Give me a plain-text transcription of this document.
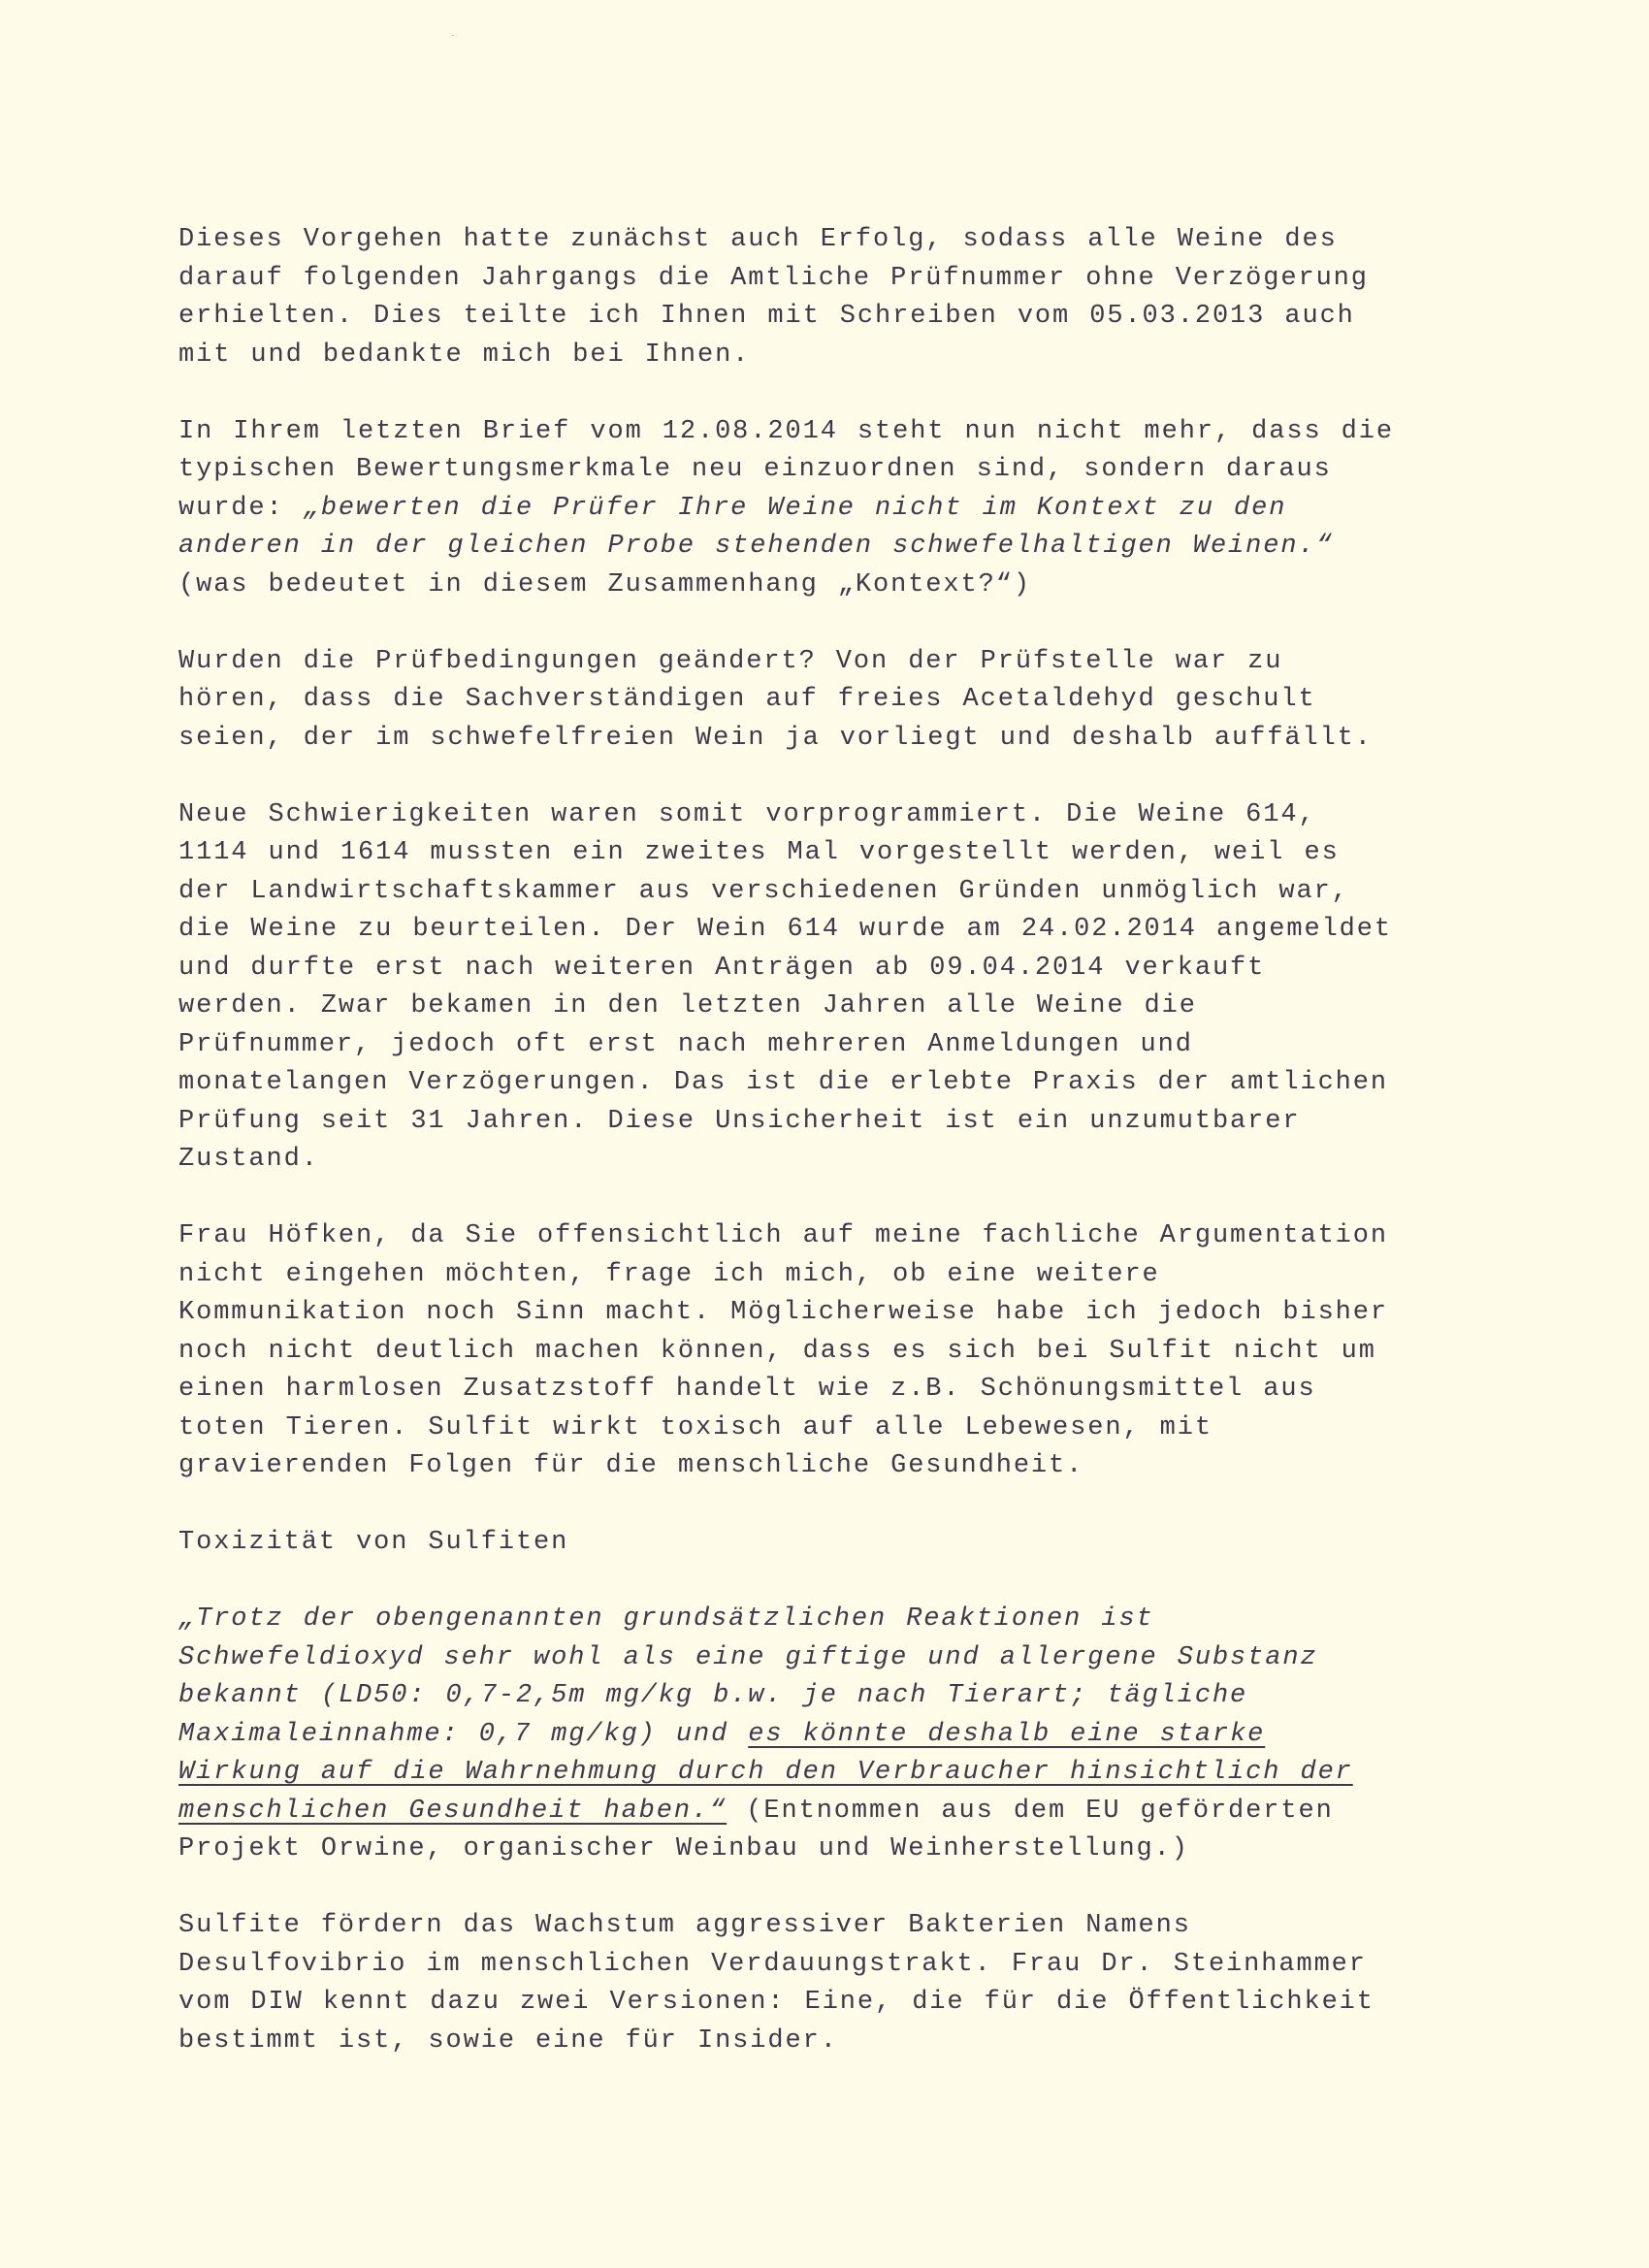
Dieses Vorgehen hatte zunächst auch Erfolg, sodass alle Weine des
darauf folgenden Jahrgangs die Amtliche Prüfnummer ohne Verzögerung
erhielten. Dies teilte ich Ihnen mit Schreiben vom 05.03.2013 auch
mit und bedankte mich bei Ihnen.

In Ihrem letzten Brief vom 12.08.2014 steht nun nicht mehr, dass die
typischen Bewertungsmerkmale neu einzuordnen sind, sondern daraus
wurde: „bewerten die Prüfer Ihre Weine nicht im Kontext zu den
anderen in der gleichen Probe stehenden schwefelhaltigen Weinen.“
(was bedeutet in diesem Zusammenhang „Kontext?“)

Wurden die Prüfbedingungen geändert? Von der Prüfstelle war zu
hören, dass die Sachverständigen auf freies Acetaldehyd geschult
seien, der im schwefelfreien Wein ja vorliegt und deshalb auffällt.

Neue Schwierigkeiten waren somit vorprogrammiert. Die Weine 614,
1114 und 1614 mussten ein zweites Mal vorgestellt werden, weil es
der Landwirtschaftskammer aus verschiedenen Gründen unmöglich war,
die Weine zu beurteilen. Der Wein 614 wurde am 24.02.2014 angemeldet
und durfte erst nach weiteren Anträgen ab 09.04.2014 verkauft
werden. Zwar bekamen in den letzten Jahren alle Weine die
Prüfnummer, jedoch oft erst nach mehreren Anmeldungen und
monatelangen Verzögerungen. Das ist die erlebte Praxis der amtlichen
Prüfung seit 31 Jahren. Diese Unsicherheit ist ein unzumutbarer
Zustand.

Frau Höfken, da Sie offensichtlich auf meine fachliche Argumentation
nicht eingehen möchten, frage ich mich, ob eine weitere
Kommunikation noch Sinn macht. Möglicherweise habe ich jedoch bisher
noch nicht deutlich machen können, dass es sich bei Sulfit nicht um
einen harmlosen Zusatzstoff handelt wie z.B. Schönungsmittel aus
toten Tieren. Sulfit wirkt toxisch auf alle Lebewesen, mit
gravierenden Folgen für die menschliche Gesundheit.

Toxizität von Sulfiten

„Trotz der obengenannten grundsätzlichen Reaktionen ist
Schwefeldioxyd sehr wohl als eine giftige und allergene Substanz
bekannt (LD50: 0,7-2,5m mg/kg b.w. je nach Tierart; tägliche
Maximaleinnahme: 0,7 mg/kg) und es könnte deshalb eine starke
Wirkung auf die Wahrnehmung durch den Verbraucher hinsichtlich der
menschlichen Gesundheit haben.“ (Entnommen aus dem EU geförderten
Projekt Orwine, organischer Weinbau und Weinherstellung.)

Sulfite fördern das Wachstum aggressiver Bakterien Namens
Desulfovibrio im menschlichen Verdauungstrakt. Frau Dr. Steinhammer
vom DIW kennt dazu zwei Versionen: Eine, die für die Öffentlichkeit
bestimmt ist, sowie eine für Insider.
